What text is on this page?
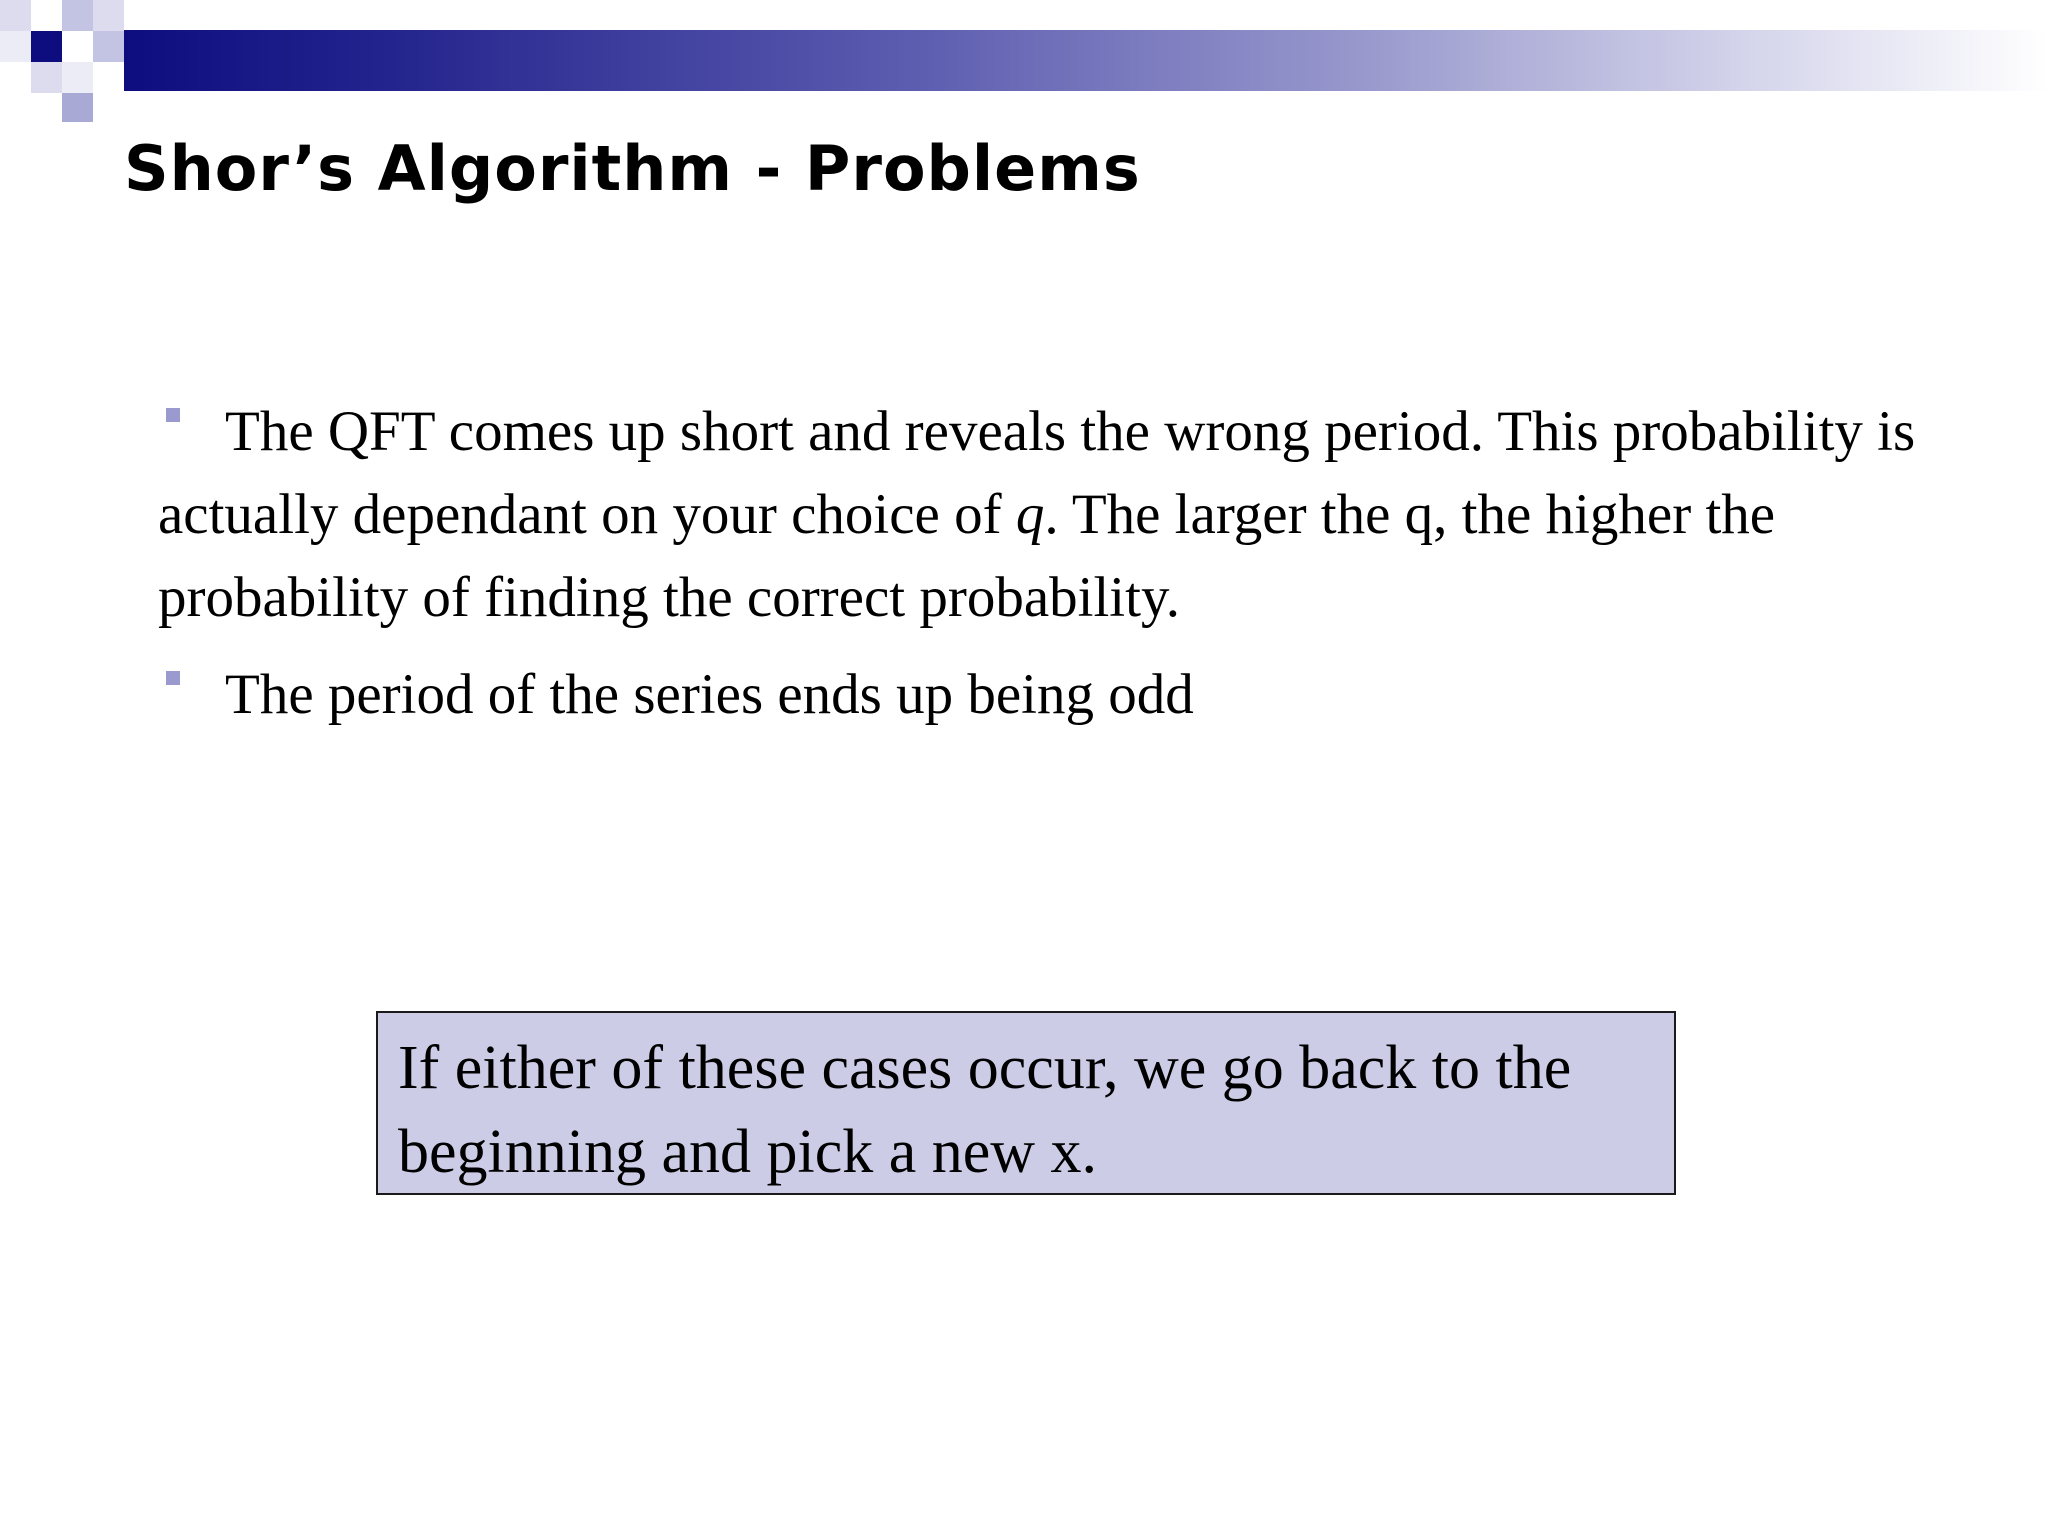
Shor’s Algorithm - Problems
The QFT comes up short and reveals the wrong period. This probability is actually dependant on your choice of q. The larger the q, the higher the probability of finding the correct probability.
The period of the series ends up being odd
If either of these cases occur, we go back to the beginning and pick a new x.
